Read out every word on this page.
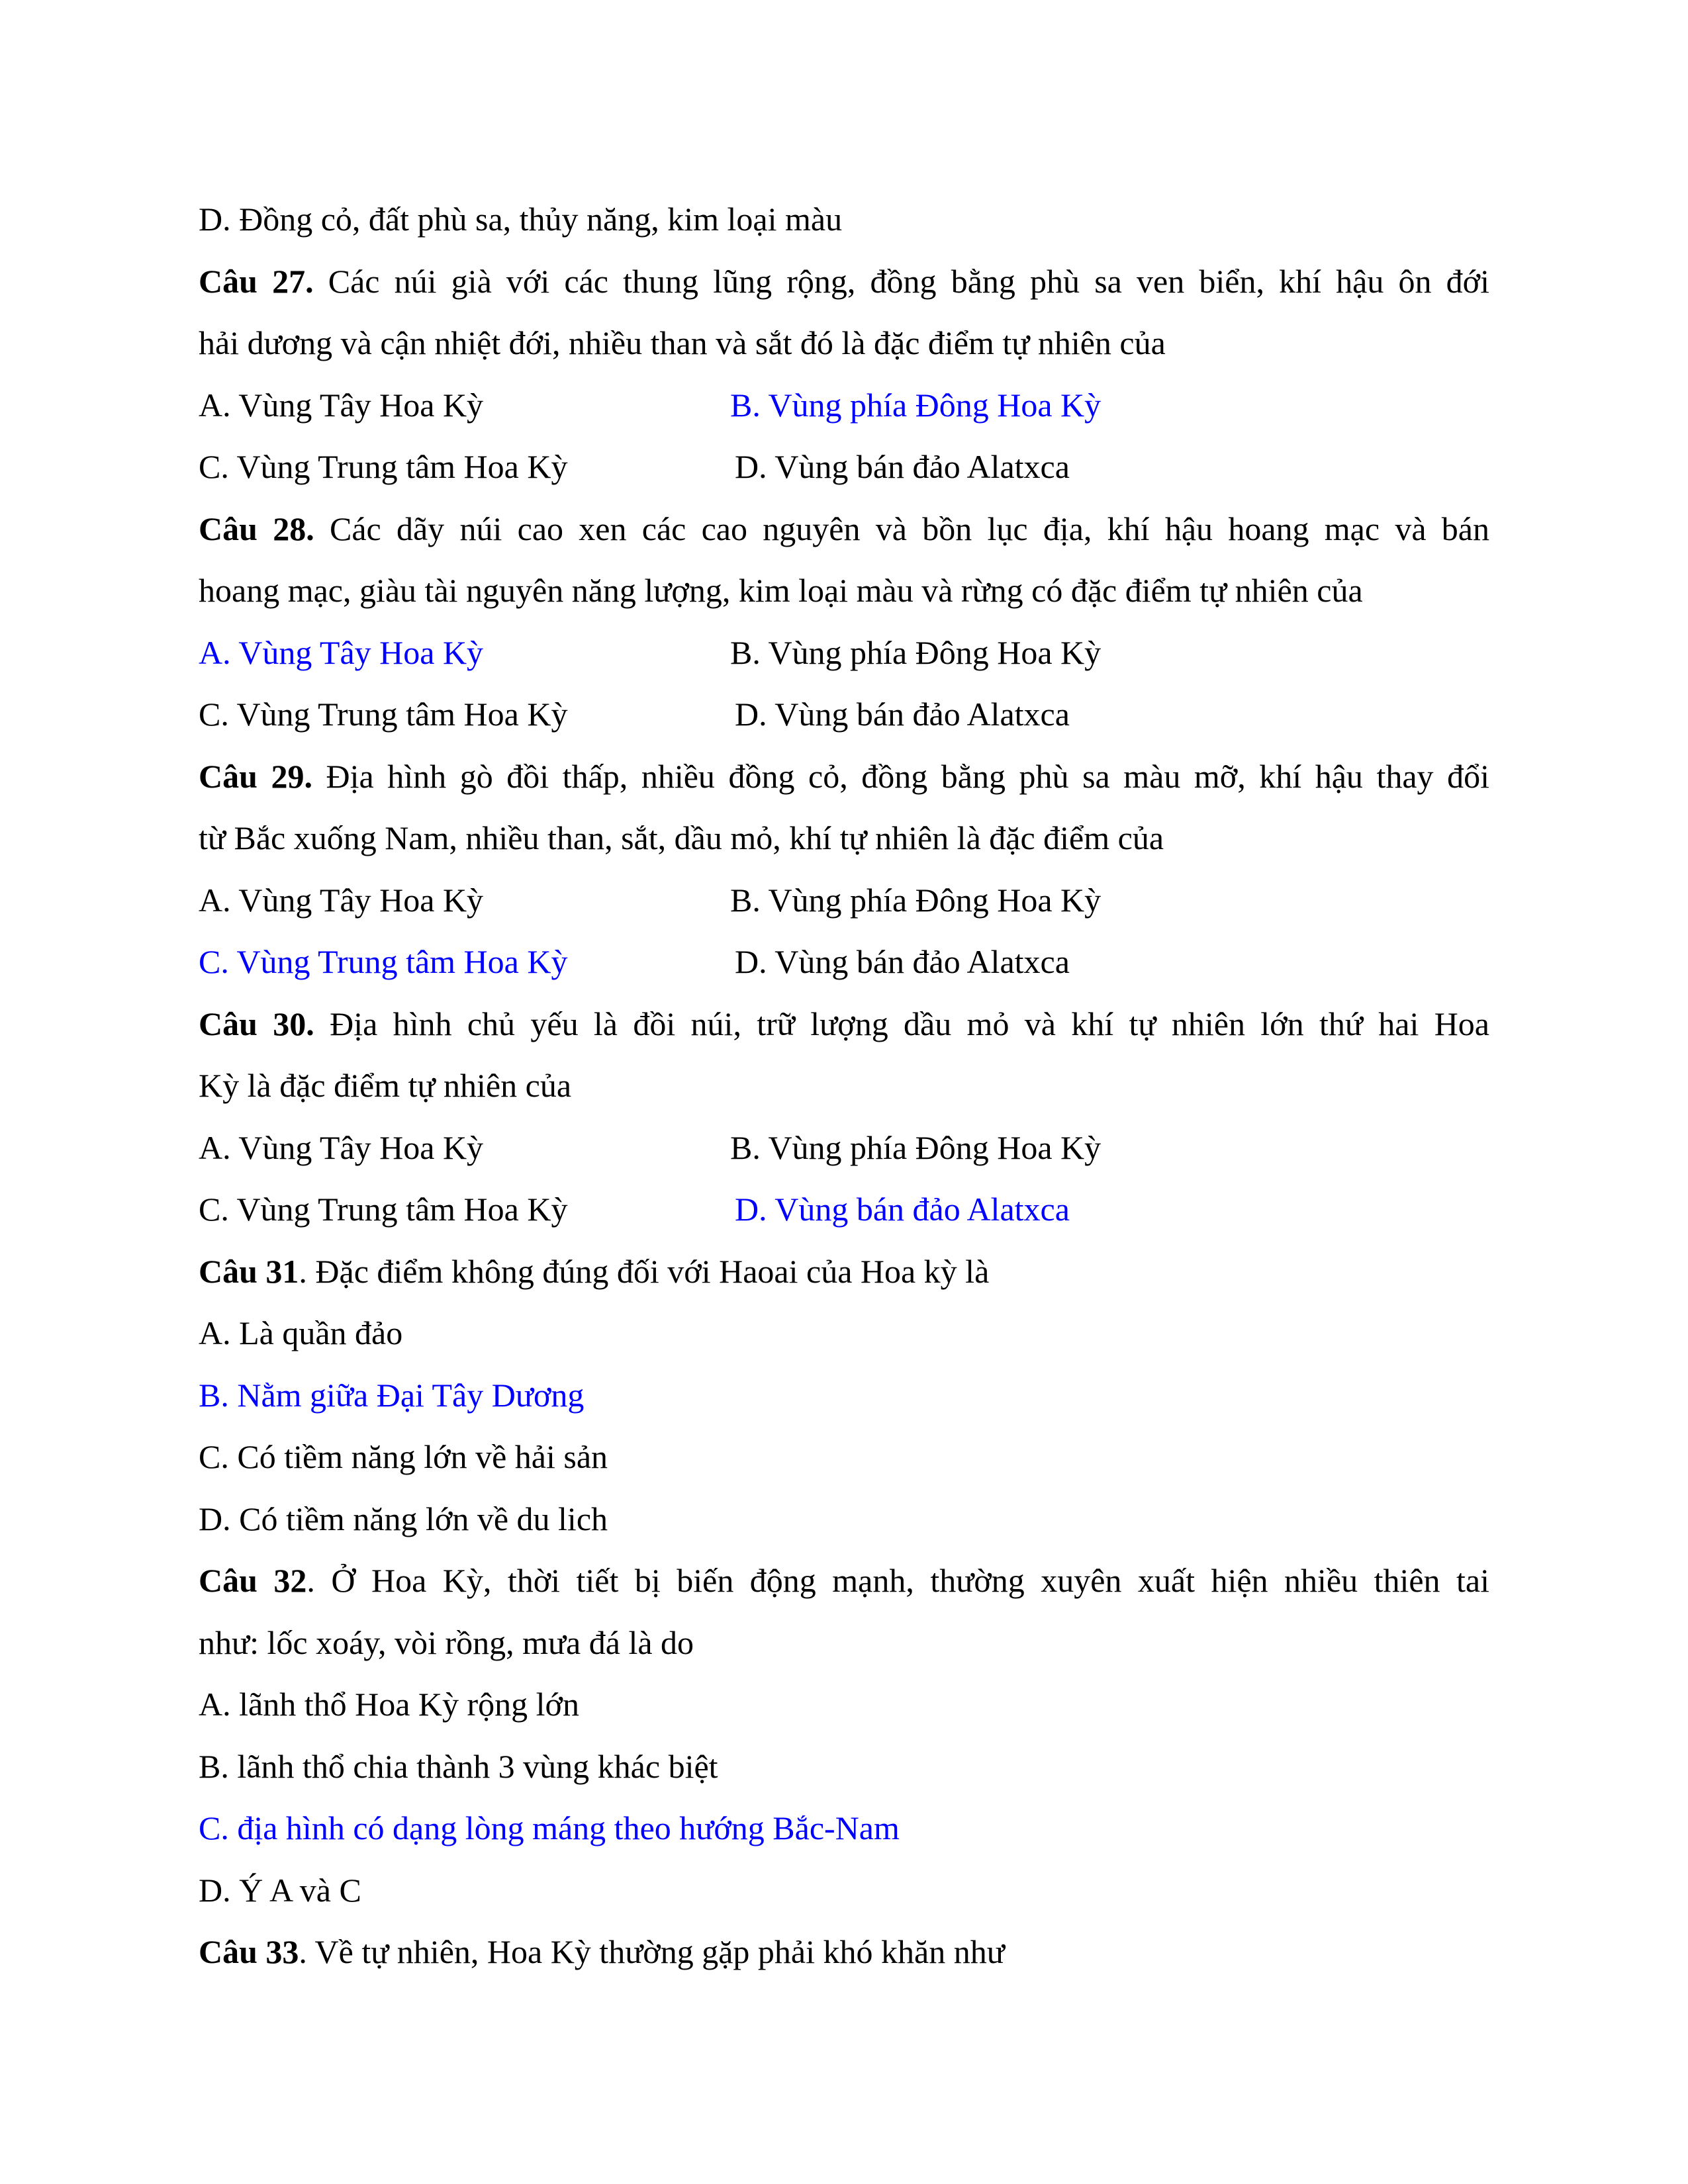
D. Đồng cỏ, đất phù sa, thủy năng, kim loại màu
Câu 27. Các núi già với các thung lũng rộng, đồng bằng phù sa ven biển, khí hậu ôn đới
hải dương và cận nhiệt đới, nhiều than và sắt đó là đặc điểm tự nhiên của
A. Vùng Tây Hoa Kỳ	B. Vùng phía Đông Hoa Kỳ
C. Vùng Trung tâm Hoa Kỳ	D. Vùng bán đảo Alatxca
Câu 28. Các dãy núi cao xen các cao nguyên và bồn lục địa, khí hậu hoang mạc và bán
hoang mạc, giàu tài nguyên năng lượng, kim loại màu và rừng có đặc điểm tự nhiên của
A. Vùng Tây Hoa Kỳ	B. Vùng phía Đông Hoa Kỳ
C. Vùng Trung tâm Hoa Kỳ	D. Vùng bán đảo Alatxca
Câu 29. Địa hình gò đồi thấp, nhiều đồng cỏ, đồng bằng phù sa màu mỡ, khí hậu thay đổi
từ Bắc xuống Nam, nhiều than, sắt, dầu mỏ, khí tự nhiên là đặc điểm của
A. Vùng Tây Hoa Kỳ	B. Vùng phía Đông Hoa Kỳ
C. Vùng Trung tâm Hoa Kỳ	D. Vùng bán đảo Alatxca
Câu 30. Địa hình chủ yếu là đồi núi, trữ lượng dầu mỏ và khí tự nhiên lớn thứ hai Hoa
Kỳ là đặc điểm tự nhiên của
A. Vùng Tây Hoa Kỳ	B. Vùng phía Đông Hoa Kỳ
C. Vùng Trung tâm Hoa Kỳ	D. Vùng bán đảo Alatxca
Câu 31. Đặc điểm không đúng đối với Haoai của Hoa kỳ là
A. Là quần đảo
B. Nằm giữa Đại Tây Dương
C. Có tiềm năng lớn về hải sản
D. Có tiềm năng lớn về du lich
Câu 32. Ở Hoa Kỳ, thời tiết bị biến động mạnh, thường xuyên xuất hiện nhiều thiên tai
như: lốc xoáy, vòi rồng, mưa đá là do
A. lãnh thổ Hoa Kỳ rộng lớn
B. lãnh thổ chia thành 3 vùng khác biệt
C. địa hình có dạng lòng máng theo hướng Bắc-Nam
D. Ý A và C
Câu 33. Về tự nhiên, Hoa Kỳ thường gặp phải khó khăn như
